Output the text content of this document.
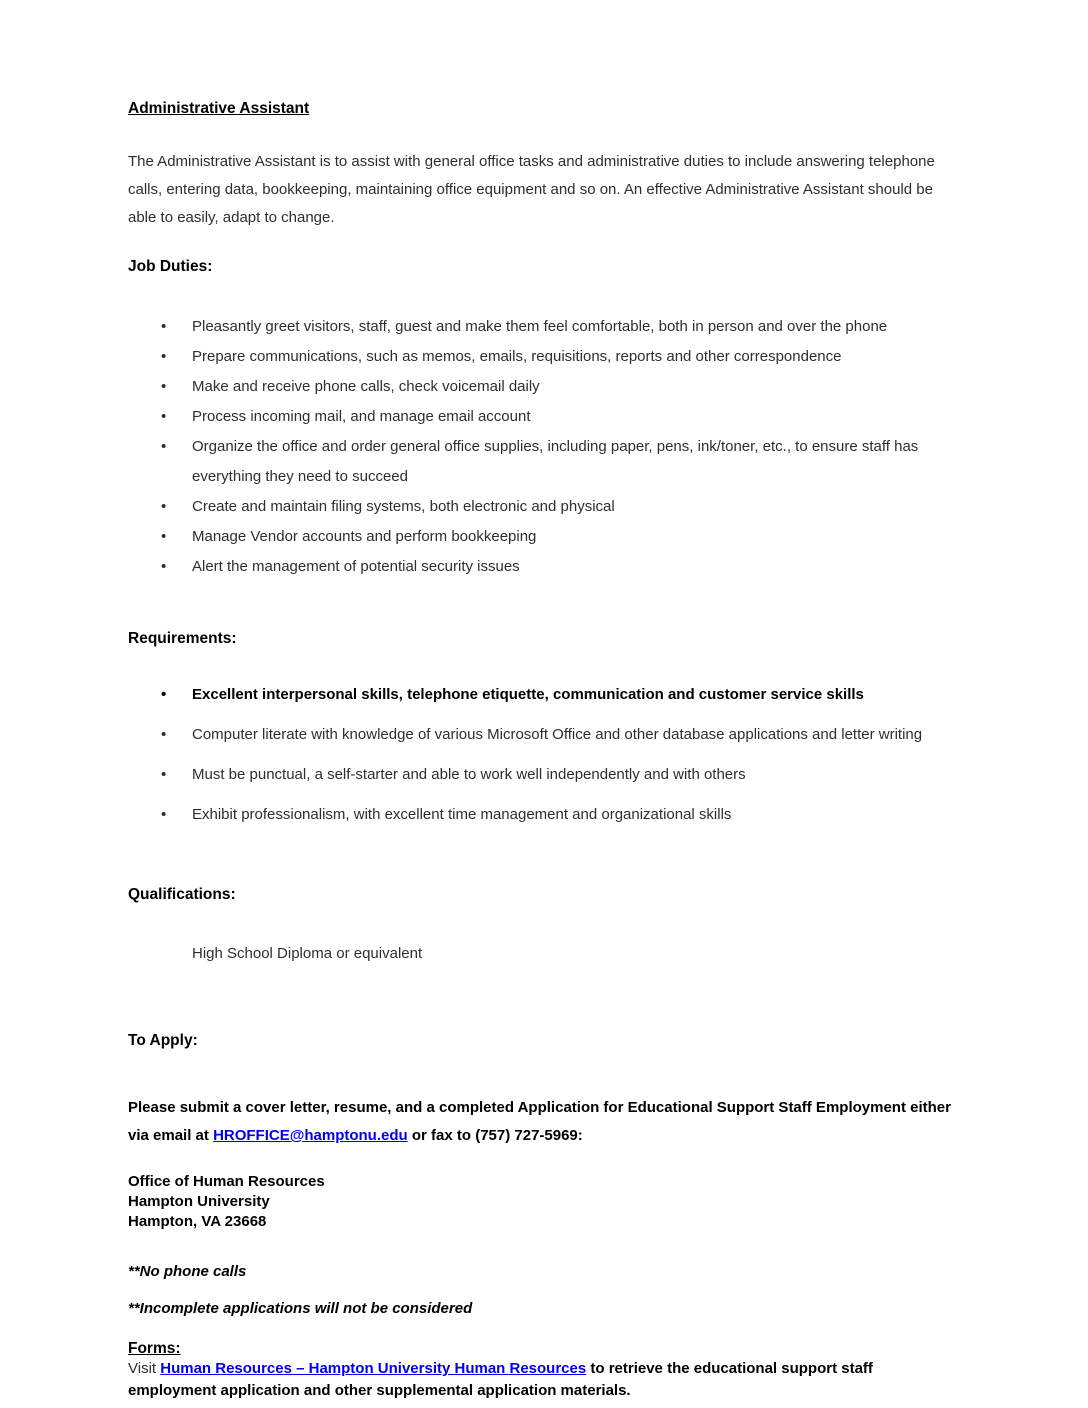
Administrative Assistant

The Administrative Assistant is to assist with general office tasks and administrative duties to include answering telephone calls, entering data, bookkeeping, maintaining office equipment and so on. An effective Administrative Assistant should be able to easily, adapt to change.

Job Duties:

•
Pleasantly greet visitors, staff, guest and make them feel comfortable, both in person and over the phone
•
Prepare communications, such as memos, emails, requisitions, reports and other correspondence
•
Make and receive phone calls, check voicemail daily
•
Process incoming mail, and manage email account
•
Organize the office and order general office supplies, including paper, pens, ink/toner, etc., to ensure staff has everything they need to succeed
•
Create and maintain filing systems, both electronic and physical
•
Manage Vendor accounts and perform bookkeeping
•
Alert the management of potential security issues

Requirements:

•
Excellent interpersonal skills, telephone etiquette, communication and customer service skills
•
Computer literate with knowledge of various Microsoft Office and other database applications and letter writing
•
Must be punctual, a self-starter and able to work well independently and with others
•
Exhibit professionalism, with excellent time management and organizational skills

Qualifications:

High School Diploma or equivalent

To Apply:

Please submit a cover letter, resume, and a completed Application for Educational Support Staff Employment either via email at HROFFICE@hamptonu.edu or fax to (757) 727-5969:

Office of Human Resources
Hampton University
Hampton, VA 23668

**No phone calls

**Incomplete applications will not be considered

Forms:

Visit Human Resources – Hampton University Human Resources to retrieve the educational support staff employment application and other supplemental application materials.
